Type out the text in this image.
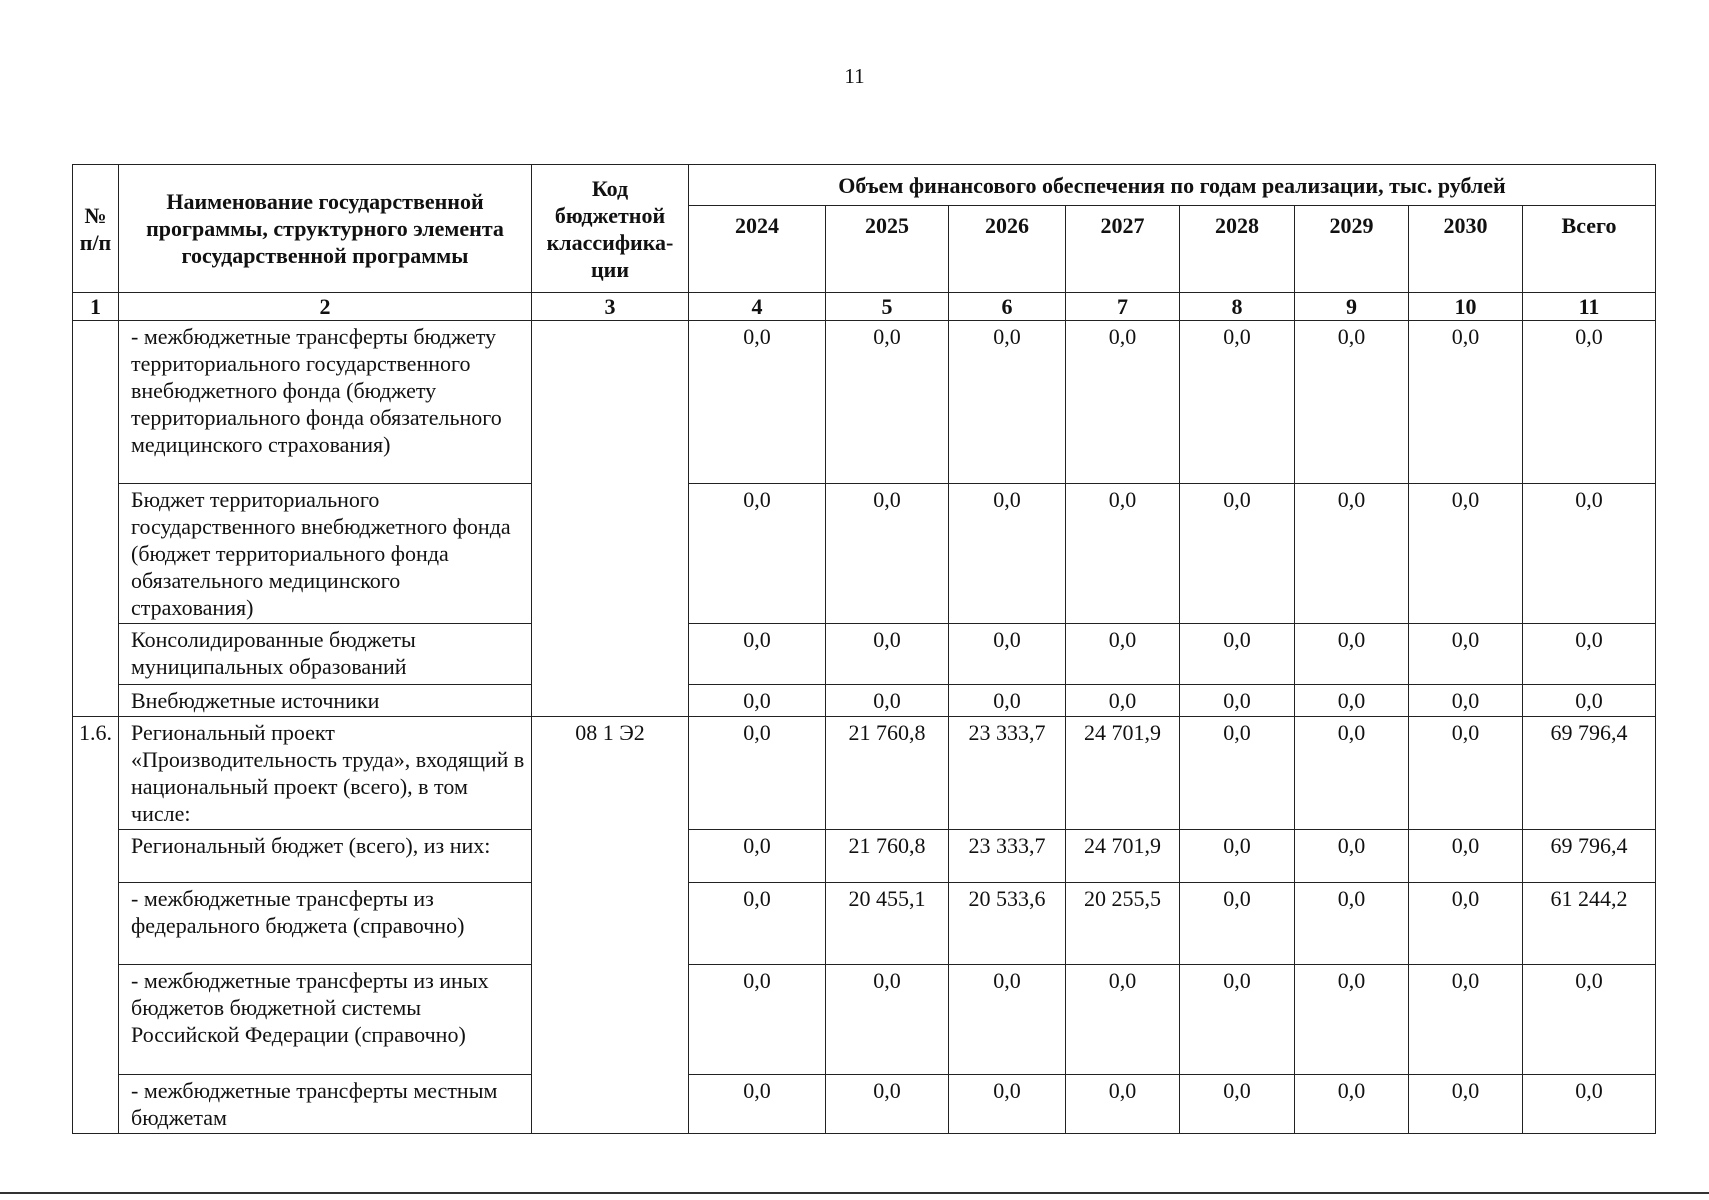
11
№ п/п	Наименование государственной программы, структурного элемента государственной программы	Код бюджетной классифика-ции	Объем финансового обеспечения по годам реализации, тыс. рублей							
			2024	2025	2026	2027	2028	2029	2030	Всего
1	2	3	4	5	6	7	8	9	10	11
	- межбюджетные трансферты бюджету территориального государственного внебюджетного фонда (бюджету территориального фонда обязательного медицинского страхования)		0,0	0,0	0,0	0,0	0,0	0,0	0,0	0,0
	Бюджет территориального государственного внебюджетного фонда (бюджет территориального фонда обязательного медицинского страхования)		0,0	0,0	0,0	0,0	0,0	0,0	0,0	0,0
	Консолидированные бюджеты муниципальных образований		0,0	0,0	0,0	0,0	0,0	0,0	0,0	0,0
	Внебюджетные источники		0,0	0,0	0,0	0,0	0,0	0,0	0,0	0,0
1.6.	Региональный проект «Производительность труда», входящий в национальный проект (всего), в том числе:	08 1 Э2	0,0	21 760,8	23 333,7	24 701,9	0,0	0,0	0,0	69 796,4
	Региональный бюджет (всего), из них:		0,0	21 760,8	23 333,7	24 701,9	0,0	0,0	0,0	69 796,4
	- межбюджетные трансферты из федерального бюджета (справочно)		0,0	20 455,1	20 533,6	20 255,5	0,0	0,0	0,0	61 244,2
	- межбюджетные трансферты из иных бюджетов бюджетной системы Российской Федерации (справочно)		0,0	0,0	0,0	0,0	0,0	0,0	0,0	0,0
	- межбюджетные трансферты местным бюджетам		0,0	0,0	0,0	0,0	0,0	0,0	0,0	0,0
